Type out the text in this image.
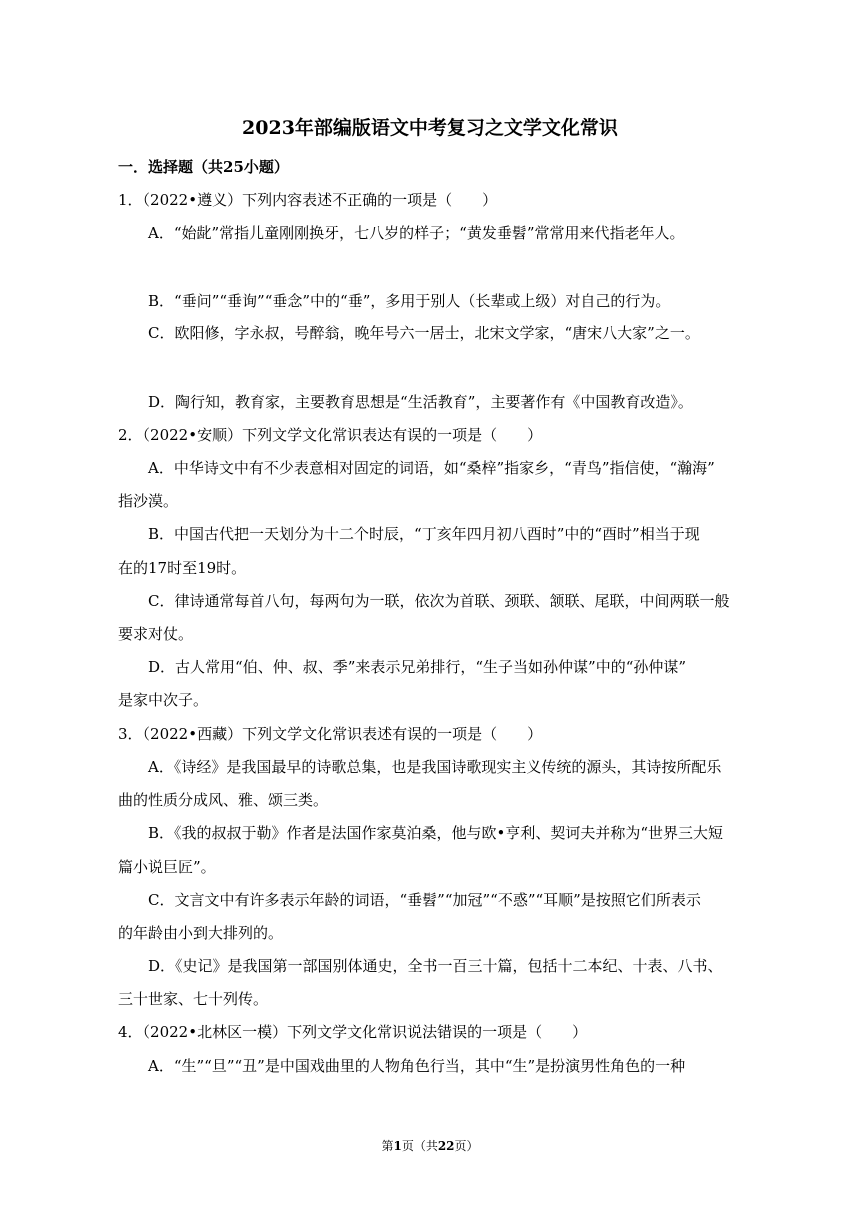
2023年部编版语文中考复习之文学文化常识
一．选择题（共25小题）
1．（2022•遵义）下列内容表述不正确的一项是（　　）
A．“始龀”常指儿童刚刚换牙，七八岁的样子；“黄发垂髫”常常用来代指老年人。
B．“垂问”“垂询”“垂念”中的“垂”，多用于别人（长辈或上级）对自己的行为。
C．欧阳修，字永叔，号醉翁，晚年号六一居士，北宋文学家，“唐宋八大家”之一。
D．陶行知，教育家，主要教育思想是“生活教育”，主要著作有《中国教育改造》。
2．（2022•安顺）下列文学文化常识表达有误的一项是（　　）
A．中华诗文中有不少表意相对固定的词语，如“桑梓”指家乡，“青鸟”指信使，“瀚海”
指沙漠。
B．中国古代把一天划分为十二个时辰，“丁亥年四月初八酉时”中的“酉时”相当于现
在的17时至19时。
C．律诗通常每首八句，每两句为一联，依次为首联、颈联、颔联、尾联，中间两联一般
要求对仗。
D．古人常用“伯、仲、叔、季”来表示兄弟排行，“生子当如孙仲谋”中的“孙仲谋”
是家中次子。
3．（2022•西藏）下列文学文化常识表述有误的一项是（　　）
A．《诗经》是我国最早的诗歌总集，也是我国诗歌现实主义传统的源头，其诗按所配乐
曲的性质分成风、雅、颂三类。
B．《我的叔叔于勒》作者是法国作家莫泊桑，他与欧•亨利、契诃夫并称为“世界三大短
篇小说巨匠”。
C．文言文中有许多表示年龄的词语，“垂髫”“加冠”“不惑”“耳顺”是按照它们所表示
的年龄由小到大排列的。
D．《史记》是我国第一部国别体通史，全书一百三十篇，包括十二本纪、十表、八书、
三十世家、七十列传。
4．（2022•北林区一模）下列文学文化常识说法错误的一项是（　　）
A．“生”“旦”“丑”是中国戏曲里的人物角色行当，其中“生”是扮演男性角色的一种
第1页（共22页）
